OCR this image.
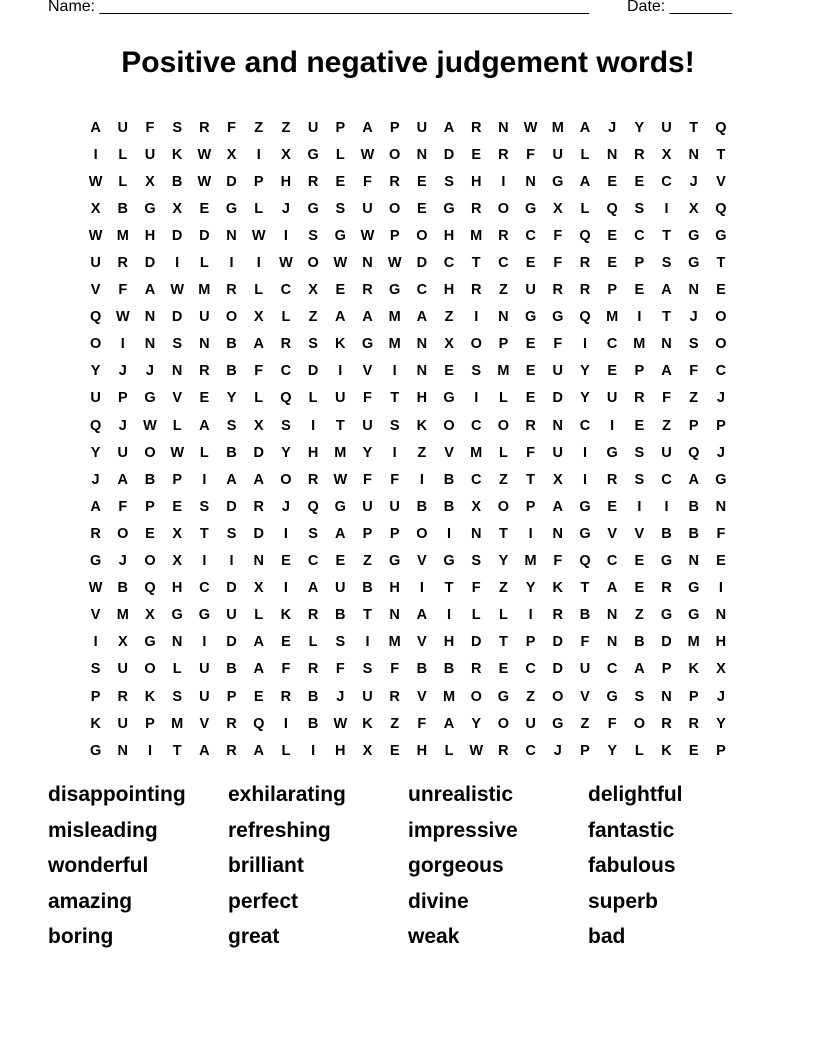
Name: _______________________________________________________ Date: _______
Positive and negative judgement words!
A	U	F	S	R	F	Z	Z	U	P	A	P	U	A	R	N	W M	A	J	Y	U	T	Q
I	L	U	K	W	X	I	X	G	L	W	O	N	D	E	R	F	U	L	N	R	X	N	T
W	L	X	B	W	D	P	H	R	E	F	R	E	S	H	I	N	G	A	E	E	C	J	V
X	B	G	X	E	G	L	J	G	S	U	O	E	G	R	O	G	X	L	Q	S	I	X	Q
W M	H	D	D	N	W	I	S	G	W	P	O	H	M	R	C	F	Q	E	C	T	G	G
U	R	D	I	L	I	I	W	O	W	N	W	D	C	T	C	E	F	R	E	P	S	G	T
V	F	A	W M	R	L	C	X	E	R	G	C	H	R	Z	U	R	R	P	E	A	N	E
Q	W	N	D	U	O	X	L	Z	A	A	M	A	Z	I	N	G	G	Q	M	I	T	J	O
O	I	N	S	N	B	A	R	S	K	G	M	N	X	O	P	E	F	I	C	M	N	S	O
Y	J	J	N	R	B	F	C	D	I	V	I	N	E	S	M	E	U	Y	E	P	A	F	C
U	P	G	V	E	Y	L	Q	L	U	F	T	H	G	I	L	E	D	Y	U	R	F	Z	J
Q	J	W	L	A	S	X	S	I	T	U	S	K	O	C	O	R	N	C	I	E	Z	P	P
Y	U	O	W	L	B	D	Y	H	M	Y	I	Z	V	M	L	F	U	I	G	S	U	Q	J
J	A	B	P	I	A	A	O	R	W	F	F	I	B	C	Z	T	X	I	R	S	C	A	G
A	F	P	E	S	D	R	J	Q	G	U	U	B	B	X	O	P	A	G	E	I	I	B	N
R	O	E	X	T	S	D	I	S	A	P	P	O	I	N	T	I	N	G	V	V	B	B	F
G	J	O	X	I	I	N	E	C	E	Z	G	V	G	S	Y	M	F	Q	C	E	G	N	E
W	B	Q	H	C	D	X	I	A	U	B	H	I	T	F	Z	Y	K	T	A	E	R	G	I
V	M	X	G	G	U	L	K	R	B	T	N	A	I	L	L	I	R	B	N	Z	G	G	N
I	X	G	N	I	D	A	E	L	S	I	M	V	H	D	T	P	D	F	N	B	D	M	H
S	U	O	L	U	B	A	F	R	F	S	F	B	B	R	E	C	D	U	C	A	P	K	X
P	R	K	S	U	P	E	R	B	J	U	R	V	M	O	G	Z	O	V	G	S	N	P	J
K	U	P	M	V	R	Q	I	B	W	K	Z	F	A	Y	O	U	G	Z	F	O	R	R	Y
G	N	I	T	A	R	A	L	I	H	X	E	H	L	W	R	C	J	P	Y	L	K	E	P
disappointing	exhilarating	unrealistic	delightful
misleading	refreshing	impressive	fantastic
wonderful	brilliant	gorgeous	fabulous
amazing	perfect	divine	superb
boring	great	weak	bad
